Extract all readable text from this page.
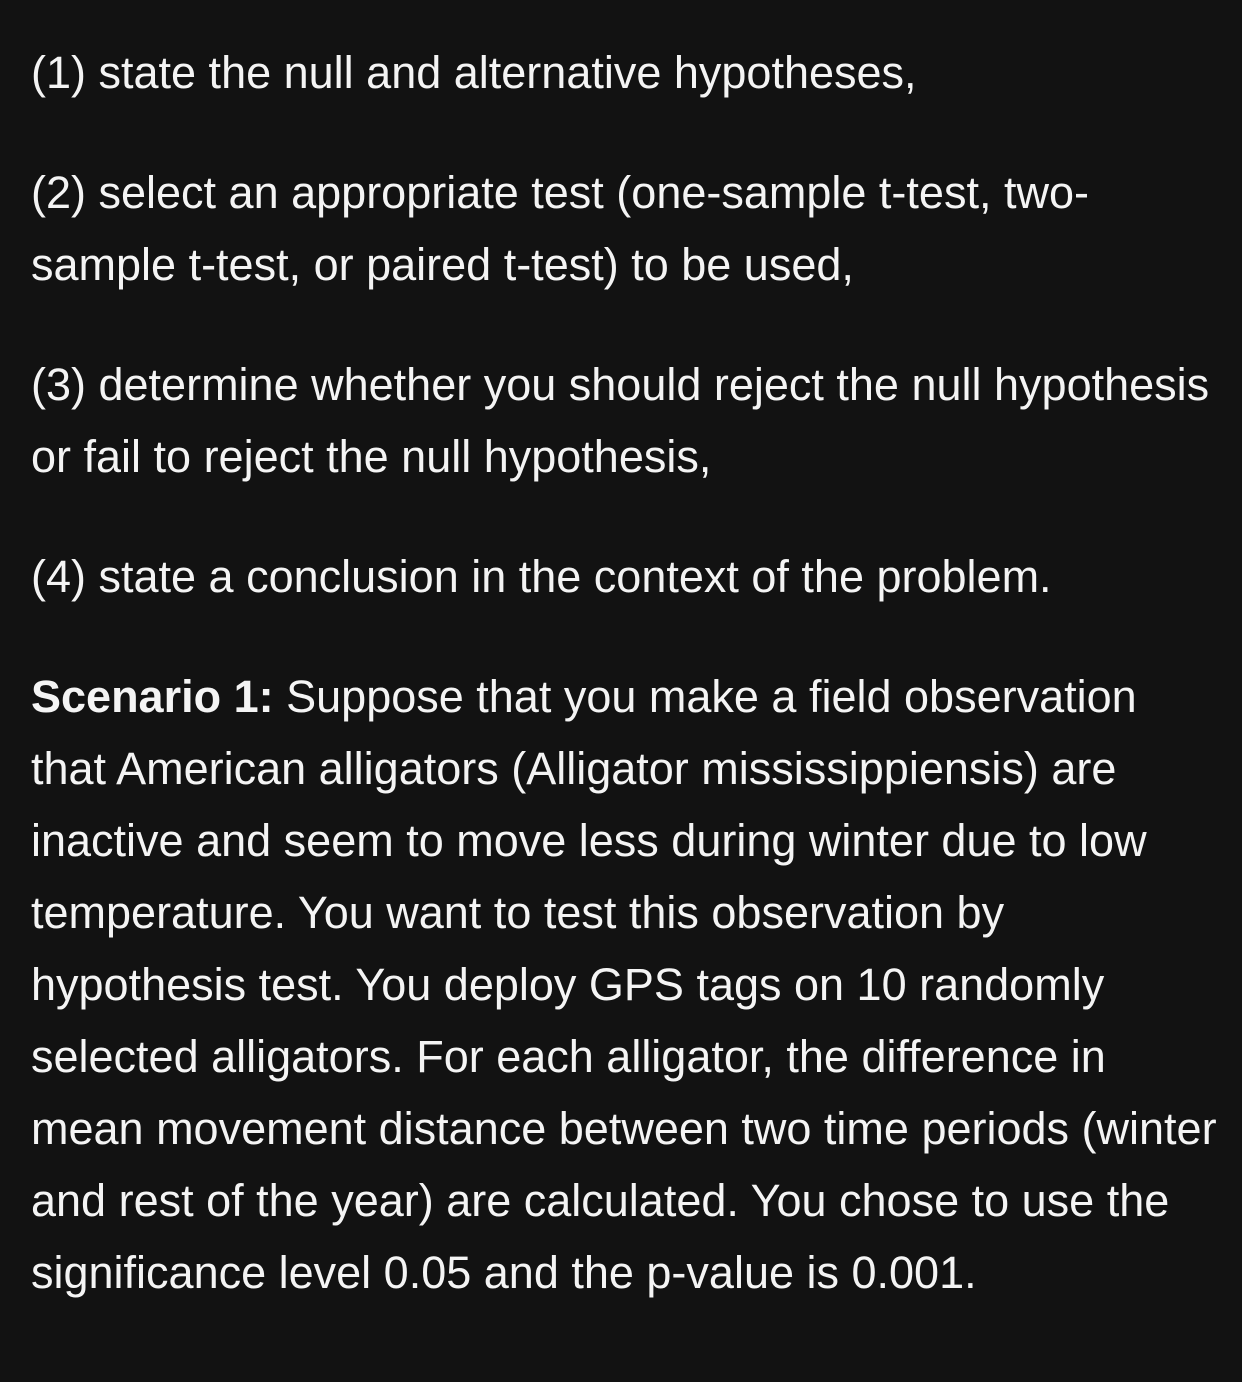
(1) state the null and alternative hypotheses,

(2) select an appropriate test (one-sample t-test, two-sample t-test, or paired t-test) to be used,

(3) determine whether you should reject the null hypothesis or fail to reject the null hypothesis,

(4) state a conclusion in the context of the problem.

Scenario 1: Suppose that you make a field observation that American alligators (Alligator mississippiensis) are inactive and seem to move less during winter due to low temperature. You want to test this observation by hypothesis test. You deploy GPS tags on 10 randomly selected alligators. For each alligator, the difference in mean movement distance between two time periods (winter and rest of the year) are calculated. You chose to use the significance level 0.05 and the p-value is 0.001.
